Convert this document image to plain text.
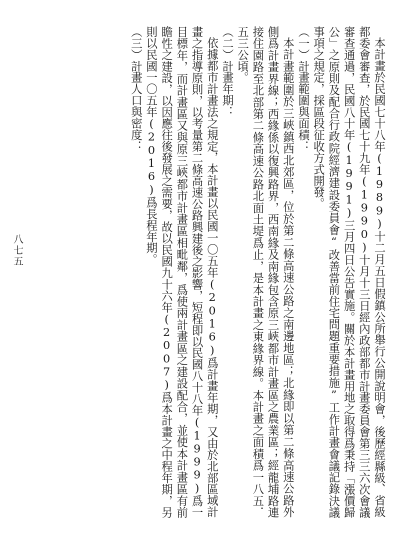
本計畫於民國七十八年(1989)十二月五日假鎮公所舉行公開說明會，後歷經縣級、省級都委會審查，於民國七十九年(1990)十月十三日經內政部都市計畫委員會第三三六次會議審查通過，民國八十年(1991)三月四日公告實施。關於本計畫用地之取得爲秉持「漲價歸公」之原則及配合行政院經濟建設委員會“改善當前住宅問題重要措施”工作計畫會議記錄決議事項之規定，採區段征收方式開發。

（一）計畫範圍與面積：

本計畫範圍於三峽鎮西北郊區，位於第二條高速公路之南邊地區；北緣即以第二條高速公路外側爲計畫界線；西緣係以復興路界，西南緣及南緣包含原三峽都市計畫區之農業區；經龍埔路連接住園路至北部第二條高速公路北面土堤爲止，是本計畫之東緣界線。本計畫之面積爲一八五．五三公頃。

（二）計畫年期：

依據都市計畫法之規定，本計畫以民國一〇五年(2016)爲計畫年期，又由於北部區域計畫之指導原則，以考量第二條高速公路興建後之影響，短程即以民國八十八年(1999)爲一目標年，而計畫區又與原三峽都市計畫區相毗鄰，爲使兩計畫區之建設配合，並使本計畫區有前瞻性之建設，以因應往後發展之需要，故以民國九十六年(2007)爲本計畫之中程年期，另則以民國一〇五年(2016)爲長程年期。

（三）計畫人口與密度：

八七五
